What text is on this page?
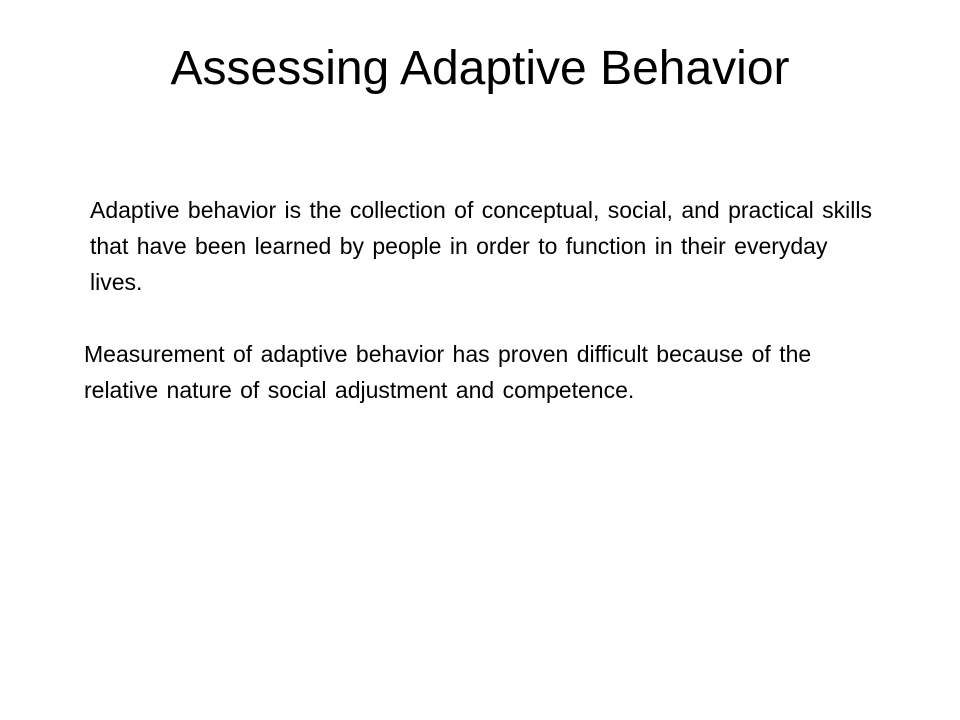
Assessing Adaptive Behavior

Adaptive behavior is the collection of conceptual, social, and practical skills that have been learned by people in order to function in their everyday lives.

Measurement of adaptive behavior has proven difficult because of the relative nature of social adjustment and competence.
